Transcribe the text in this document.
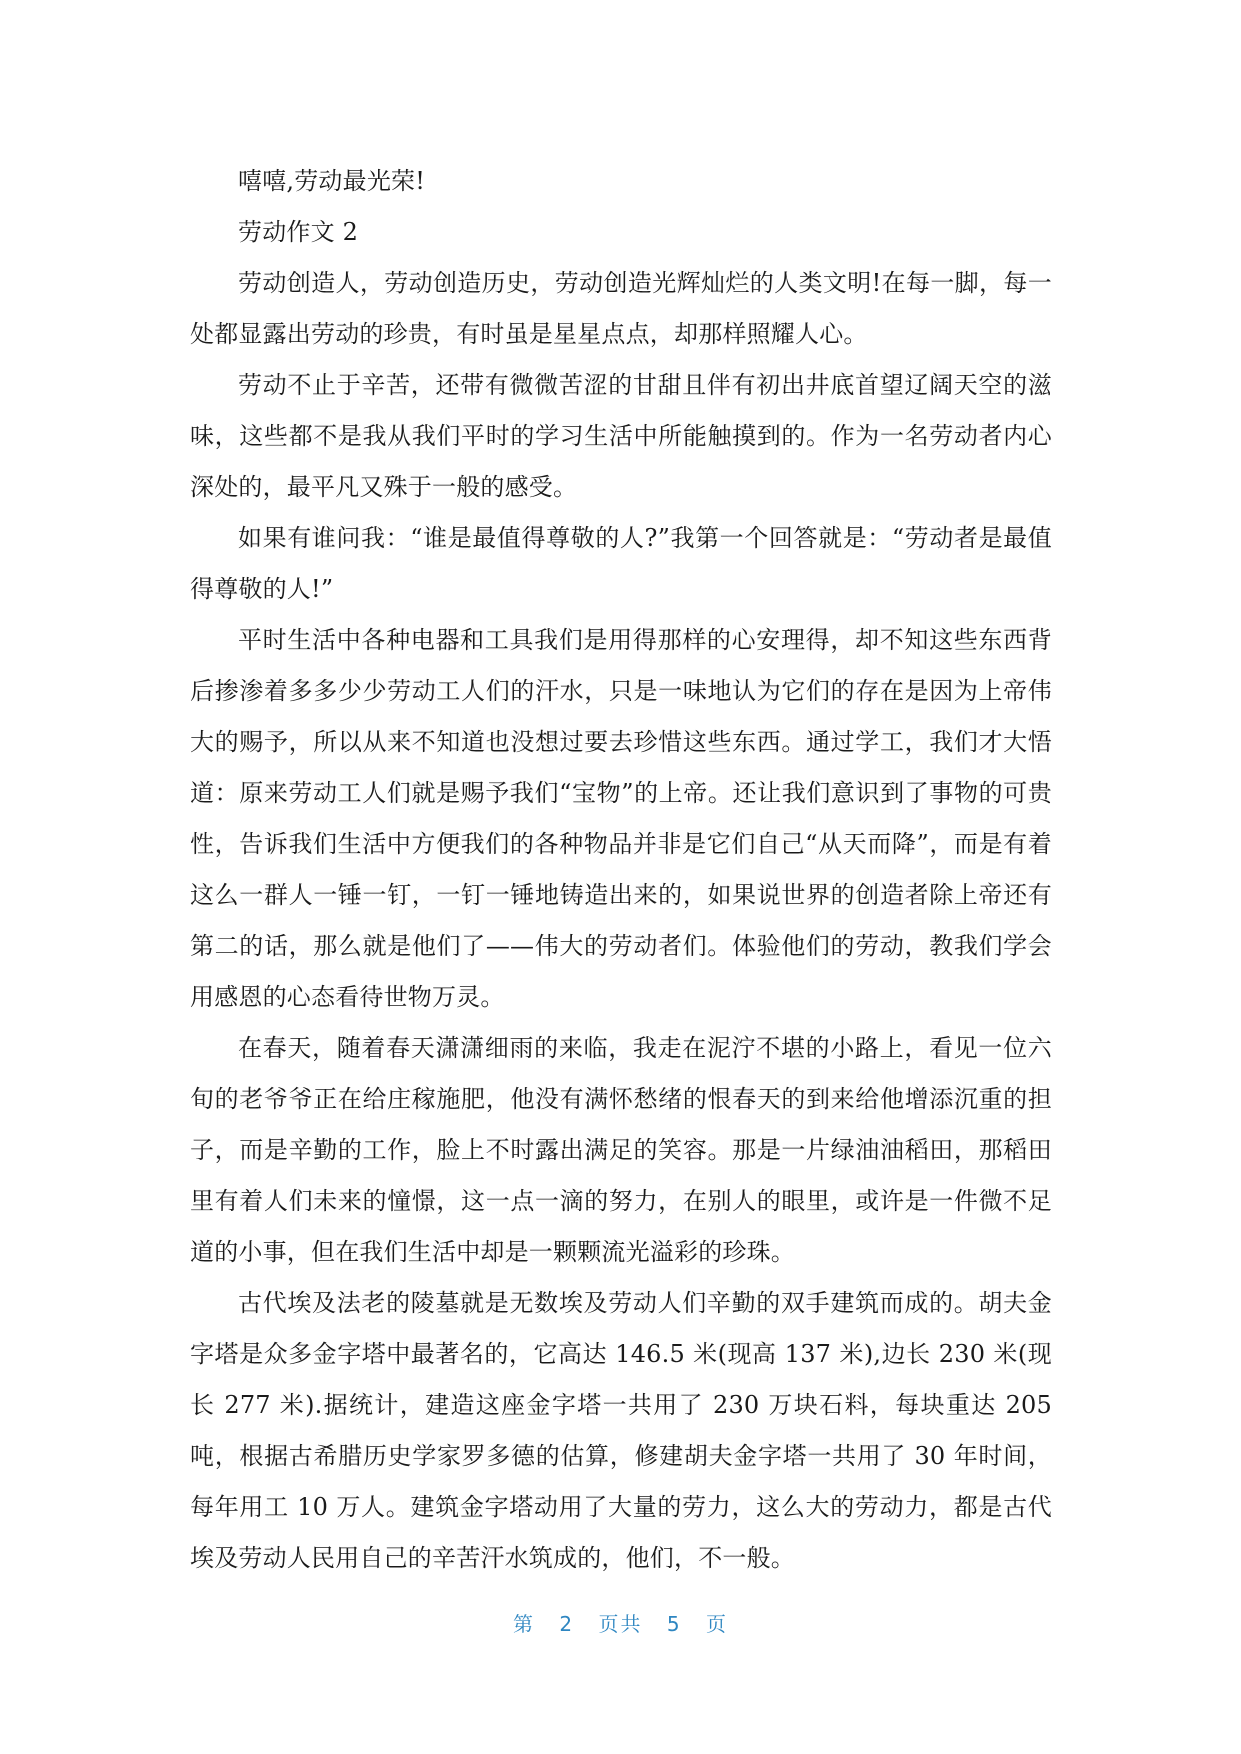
嘻嘻,劳动最光荣!

劳动作文 2

劳动创造人，劳动创造历史，劳动创造光辉灿烂的人类文明!在每一脚，每一处都显露出劳动的珍贵，有时虽是星星点点，却那样照耀人心。

劳动不止于辛苦，还带有微微苦涩的甘甜且伴有初出井底首望辽阔天空的滋味，这些都不是我从我们平时的学习生活中所能触摸到的。作为一名劳动者内心深处的，最平凡又殊于一般的感受。

如果有谁问我：“谁是最值得尊敬的人?”我第一个回答就是：“劳动者是最值得尊敬的人!”

平时生活中各种电器和工具我们是用得那样的心安理得，却不知这些东西背后掺渗着多多少少劳动工人们的汗水，只是一味地认为它们的存在是因为上帝伟大的赐予，所以从来不知道也没想过要去珍惜这些东西。通过学工，我们才大悟道：原来劳动工人们就是赐予我们“宝物”的上帝。还让我们意识到了事物的可贵性，告诉我们生活中方便我们的各种物品并非是它们自己“从天而降”，而是有着这么一群人一锤一钉，一钉一锤地铸造出来的，如果说世界的创造者除上帝还有第二的话，那么就是他们了——伟大的劳动者们。体验他们的劳动，教我们学会用感恩的心态看待世物万灵。

在春天，随着春天潇潇细雨的来临，我走在泥泞不堪的小路上，看见一位六旬的老爷爷正在给庄稼施肥，他没有满怀愁绪的恨春天的到来给他增添沉重的担子，而是辛勤的工作，脸上不时露出满足的笑容。那是一片绿油油稻田，那稻田里有着人们未来的憧憬，这一点一滴的努力，在别人的眼里，或许是一件微不足道的小事，但在我们生活中却是一颗颗流光溢彩的珍珠。

古代埃及法老的陵墓就是无数埃及劳动人们辛勤的双手建筑而成的。胡夫金字塔是众多金字塔中最著名的，它高达 146.5 米(现高 137 米),边长 230 米(现长 277 米).据统计，建造这座金字塔一共用了 230 万块石料，每块重达 205 吨，根据古希腊历史学家罗多德的估算，修建胡夫金字塔一共用了 30 年时间，每年用工 10 万人。建筑金字塔动用了大量的劳力，这么大的劳动力，都是古代埃及劳动人民用自己的辛苦汗水筑成的，他们，不一般。

第 2 页共 5 页
